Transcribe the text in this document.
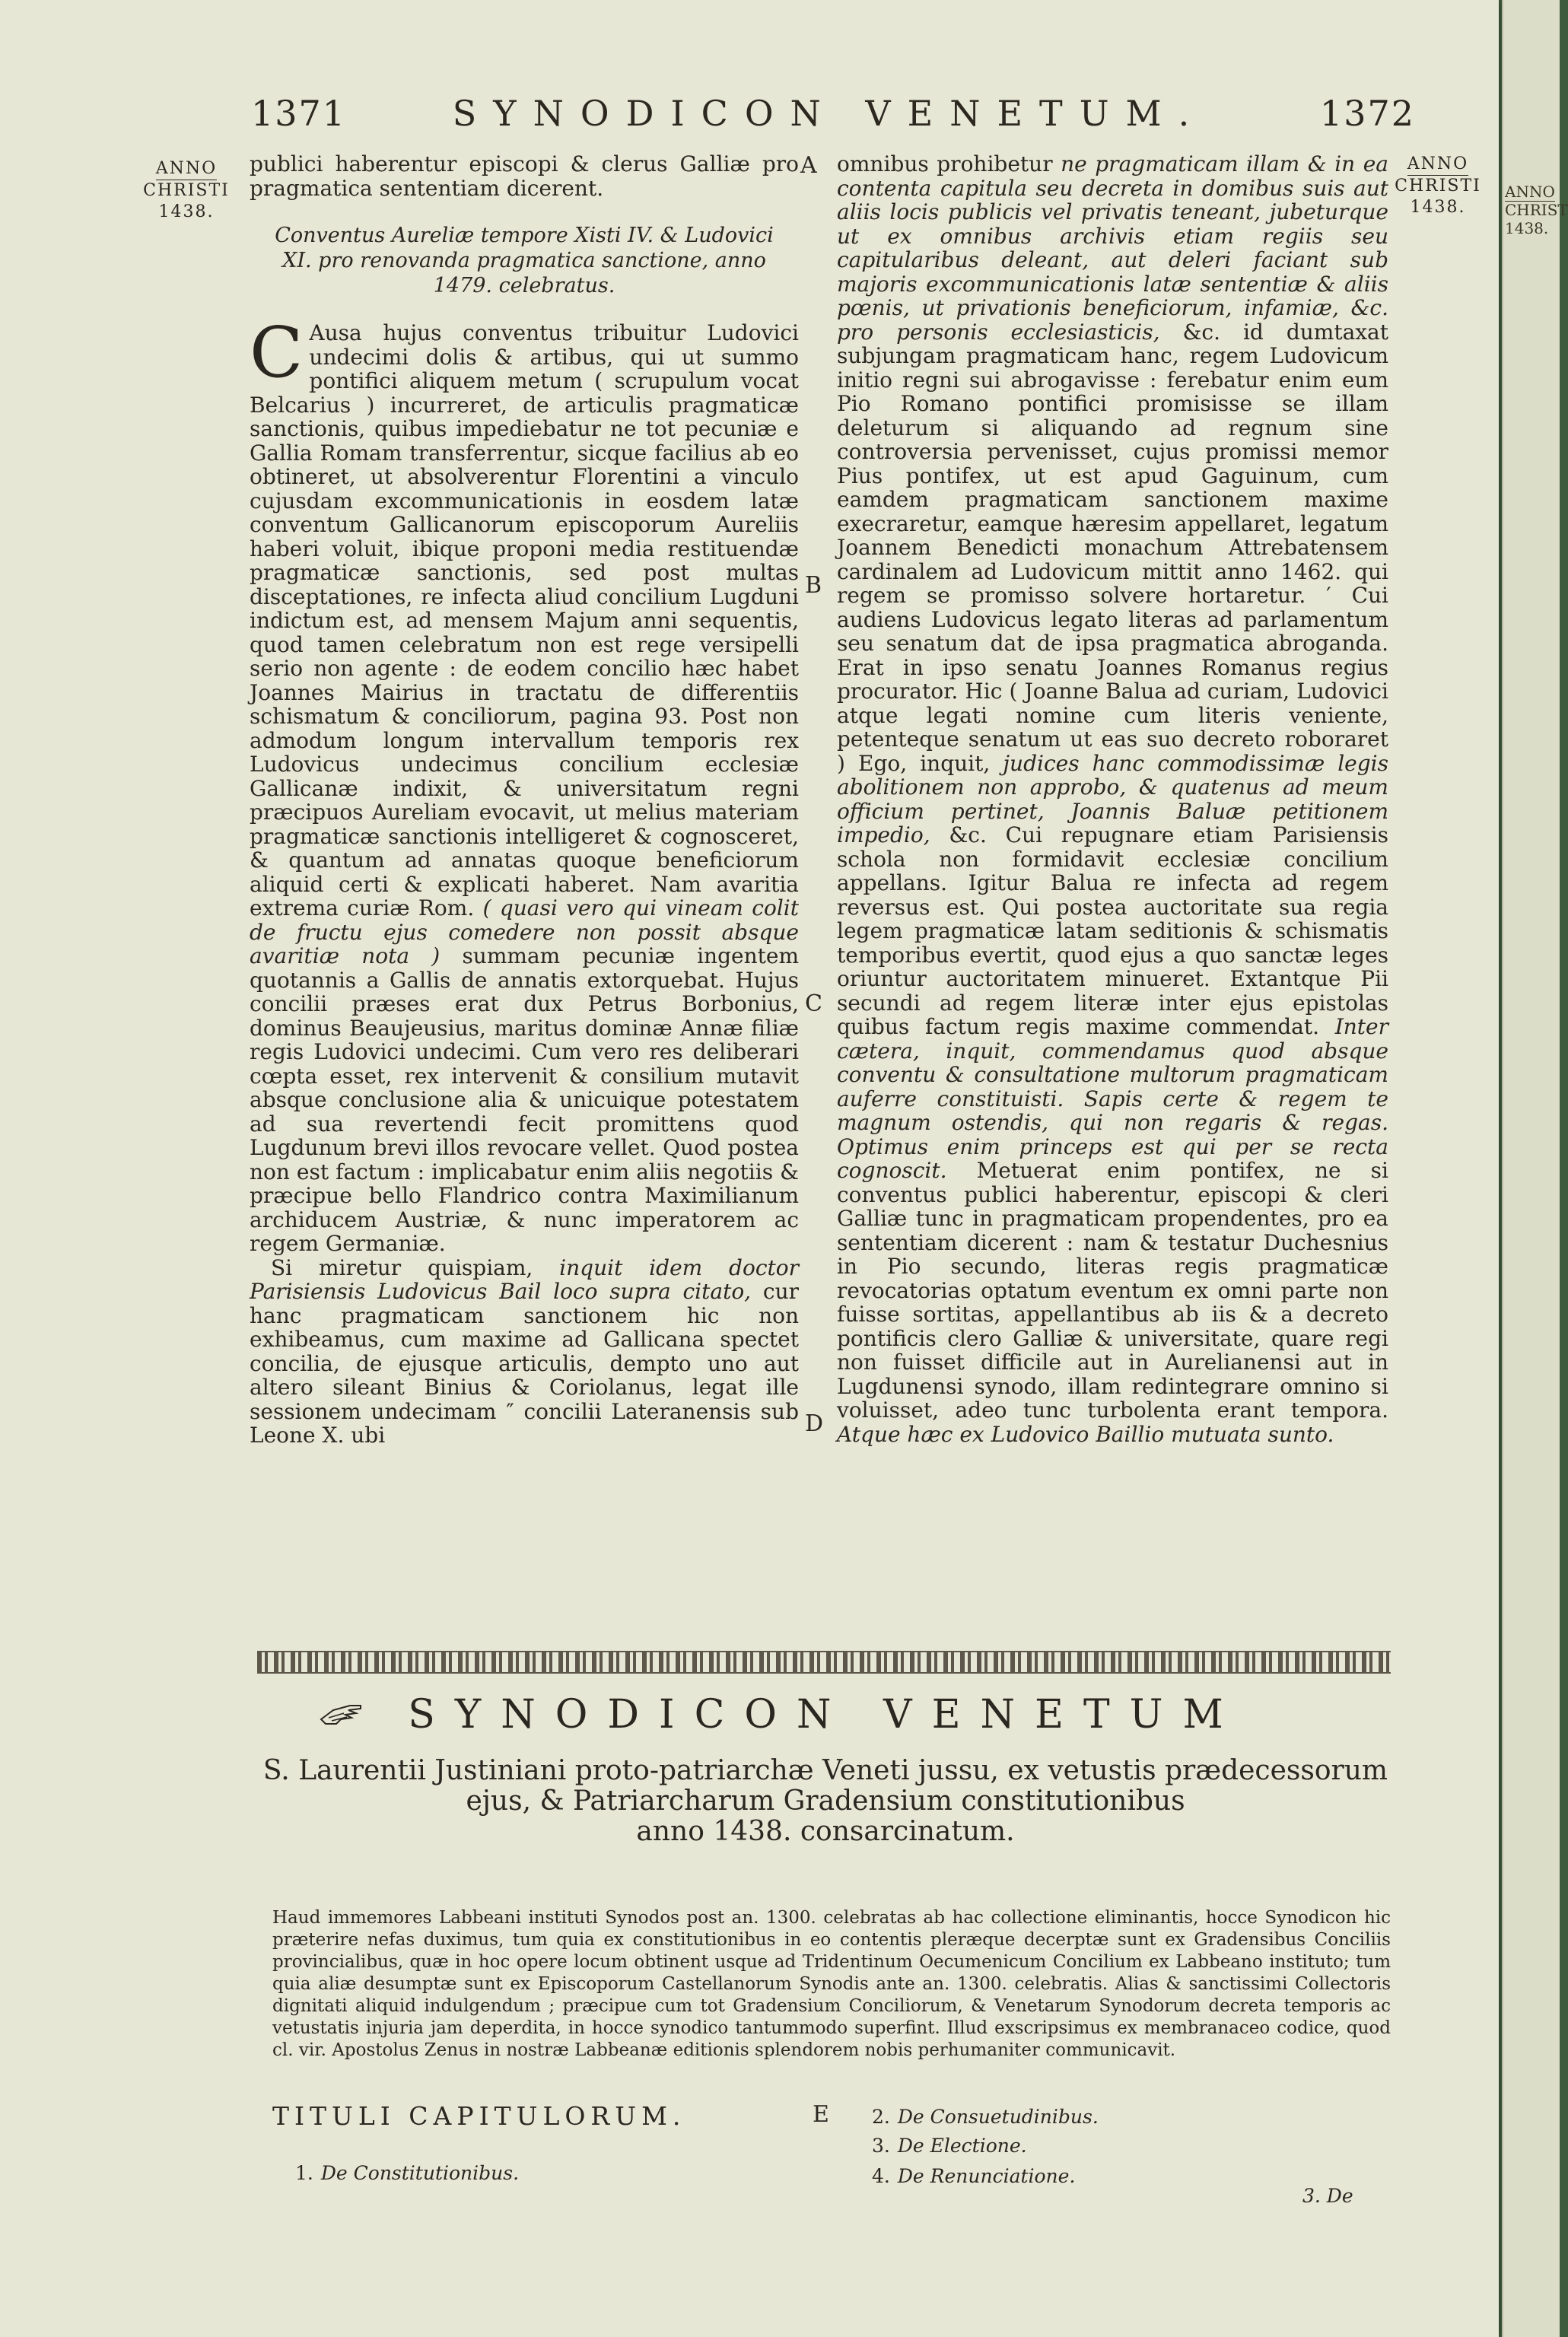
1371	SYNODICON VENETUM.	1372
ANNO
CHRISTI
1438.
ANNO
CHRISTI
1438.
A
B
C
D
E

publici haberentur episcopi & clerus Galliæ pro pragmatica sententiam dicerent.

Conventus Aureliæ tempore Xisti IV. & Ludovici XI. pro renovanda pragmatica sanctione, anno 1479. celebratus.

C Ausa hujus conventus tribuitur Ludovici undecimi dolis & artibus, qui ut summo pontifici aliquem metum ( scrupulum vocat Belcarius ) incurreret, de articulis pragmaticæ sanctionis, quibus impediebatur ne tot pecuniæ e Gallia Romam transferrentur, sicque facilius ab eo obtineret, ut absolverentur Florentini a vinculo cujusdam excommunicationis in eosdem latæ conventum Gallicanorum episcoporum Aureliis haberi voluit, ibique proponi media restituendæ pragmaticæ sanctionis, sed post multas disceptationes, re infecta aliud concilium Lugduni indictum est, ad mensem Majum anni sequentis, quod tamen celebratum non est rege versipelli serio non agente : de eodem concilio hæc habet Joannes Mairius in tractatu de differentiis schismatum & conciliorum, pagina 93. Post non admodum longum intervallum temporis rex Ludovicus undecimus concilium ecclesiæ Gallicanæ indixit, & universitatum regni præcipuos Aureliam evocavit, ut melius materiam pragmaticæ sanctionis intelligeret & cognosceret, & quantum ad annatas quoque beneficiorum aliquid certi & explicati haberet. Nam avaritia extrema curiæ Rom. ( quasi vero qui vineam colit de fructu ejus comedere non possit absque avaritiæ nota ) summam pecuniæ ingentem quotannis a Gallis de annatis extorquebat. Hujus concilii præses erat dux Petrus Borbonius, dominus Beaujeusius, maritus dominæ Annæ filiæ regis Ludovici undecimi. Cum vero res deliberari cœpta esset, rex intervenit & consilium mutavit absque conclusione alia & unicuique potestatem ad sua revertendi fecit promittens quod Lugdunum brevi illos revocare vellet. Quod postea non est factum : implicabatur enim aliis negotiis & præcipue bello Flandrico contra Maximilianum archiducem Austriæ, & nunc imperatorem ac regem Germaniæ.

Si miretur quispiam, inquit idem doctor Parisiensis Ludovicus Bail loco supra citato, cur hanc pragmaticam sanctionem hic non exhibeamus, cum maxime ad Gallicana spectet concilia, de ejusque articulis, dempto uno aut altero sileant Binius & Coriolanus, legat ille sessionem undecimam ″ concilii Lateranensis sub Leone X. ubi

omnibus prohibetur ne pragmaticam illam & in ea contenta capitula seu decreta in domibus suis aut aliis locis publicis vel privatis teneant, jubeturque ut ex omnibus archivis etiam regiis seu capitularibus deleant, aut deleri faciant sub majoris excommunicationis latæ sententiæ & aliis pœnis, ut privationis beneficiorum, infamiæ, &c. pro personis ecclesiasticis, &c. id dumtaxat subjungam pragmaticam hanc, regem Ludovicum initio regni sui abrogavisse : ferebatur enim eum Pio Romano pontifici promisisse se illam deleturum si aliquando ad regnum sine controversia pervenisset, cujus promissi memor Pius pontifex, ut est apud Gaguinum, cum eamdem pragmaticam sanctionem maxime execraretur, eamque hæresim appellaret, legatum Joannem Benedicti monachum Attrebatensem cardinalem ad Ludovicum mittit anno 1462. qui regem se promisso solvere hortaretur. ′ Cui audiens Ludovicus legato literas ad parlamentum seu senatum dat de ipsa pragmatica abroganda. Erat in ipso senatu Joannes Romanus regius procurator. Hic ( Joanne Balua ad curiam, Ludovici atque legati nomine cum literis veniente, petenteque senatum ut eas suo decreto roboraret ) Ego, inquit, judices hanc commodissimæ legis abolitionem non approbo, & quatenus ad meum officium pertinet, Joannis Baluæ petitionem impedio, &c. Cui repugnare etiam Parisiensis schola non formidavit ecclesiæ concilium appellans. Igitur Balua re infecta ad regem reversus est. Qui postea auctoritate sua regia legem pragmaticæ latam seditionis & schismatis temporibus evertit, quod ejus a quo sanctæ leges oriuntur auctoritatem minueret. Extantque Pii secundi ad regem literæ inter ejus epistolas quibus factum regis maxime commendat. Inter cætera, inquit, commendamus quod absque conventu & consultatione multorum pragmaticam auferre constituisti. Sapis certe & regem te magnum ostendis, qui non regaris & regas. Optimus enim princeps est qui per se recta cognoscit. Metuerat enim pontifex, ne si conventus publici haberentur, episcopi & cleri Galliæ tunc in pragmaticam propendentes, pro ea sententiam dicerent : nam & testatur Duchesnius in Pio secundo, literas regis pragmaticæ revocatorias optatum eventum ex omni parte non fuisse sortitas, appellantibus ab iis & a decreto pontificis clero Galliæ & universitate, quare regi non fuisset difficile aut in Aurelianensi aut in Lugdunensi synodo, illam redintegrare omnino si voluisset, adeo tunc turbolenta erant tempora. Atque hæc ex Ludovico Baillio mutuata sunto.

SYNODICON VENETUM
S. Laurentii Justiniani proto-patriarchæ Veneti jussu, ex vetustis prædecessorum
ejus, & Patriarcharum Gradensium constitutionibus
anno 1438. consarcinatum.

Haud immemores Labbeani instituti Synodos post an. 1300. celebratas ab hac collectione eliminantis, hocce Synodicon hic præterire nefas duximus, tum quia ex constitutionibus in eo contentis pleræque decerptæ sunt ex Gradensibus Conciliis provincialibus, quæ in hoc opere locum obtinent usque ad Tridentinum Oecumenicum Concilium ex Labbeano instituto; tum quia aliæ desumptæ sunt ex Episcoporum Castellanorum Synodis ante an. 1300. celebratis. Alias & sanctissimi Collectoris dignitati aliquid indulgendum ; præcipue cum tot Gradensium Conciliorum, & Venetarum Synodorum decreta temporis ac vetustatis injuria jam deperdita, in hocce synodico tantummodo superfint. Illud exscripsimus ex membranaceo codice, quod cl. vir. Apostolus Zenus in nostræ Labbeanæ editionis splendorem nobis perhumaniter communicavit.

TITULI CAPITULORUM.
1. De Constitutionibus.
2. De Consuetudinibus.
3. De Electione.
4. De Renunciatione.
3. De
ANNO
CHRIST
1438.
